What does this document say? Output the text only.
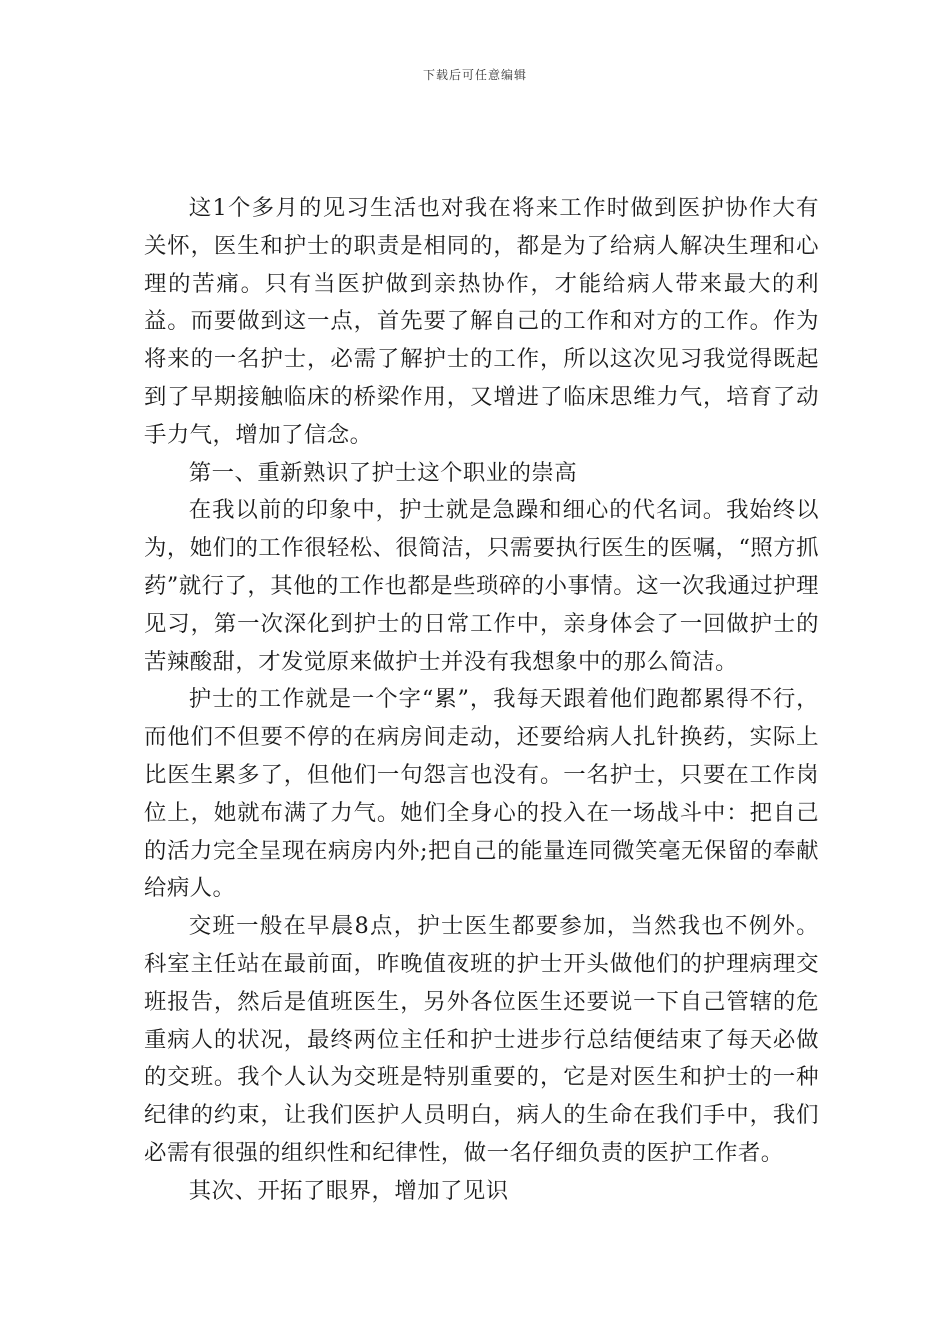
下载后可任意编辑

这1个多月的见习生活也对我在将来工作时做到医护协作大有关怀，医生和护士的职责是相同的，都是为了给病人解决生理和心理的苦痛。只有当医护做到亲热协作，才能给病人带来最大的利益。而要做到这一点，首先要了解自己的工作和对方的工作。作为将来的一名护士，必需了解护士的工作，所以这次见习我觉得既起到了早期接触临床的桥梁作用，又增进了临床思维力气，培育了动手力气，增加了信念。

第一、重新熟识了护士这个职业的崇高

在我以前的印象中，护士就是急躁和细心的代名词。我始终以为，她们的工作很轻松、很简洁，只需要执行医生的医嘱，“照方抓药”就行了，其他的工作也都是些琐碎的小事情。这一次我通过护理见习，第一次深化到护士的日常工作中，亲身体会了一回做护士的苦辣酸甜，才发觉原来做护士并没有我想象中的那么简洁。

护士的工作就是一个字“累”，我每天跟着他们跑都累得不行，而他们不但要不停的在病房间走动，还要给病人扎针换药，实际上比医生累多了，但他们一句怨言也没有。一名护士，只要在工作岗位上，她就布满了力气。她们全身心的投入在一场战斗中：把自己的活力完全呈现在病房内外;把自己的能量连同微笑毫无保留的奉献给病人。

交班一般在早晨8点，护士医生都要参加，当然我也不例外。科室主任站在最前面，昨晚值夜班的护士开头做他们的护理病理交班报告，然后是值班医生，另外各位医生还要说一下自己管辖的危重病人的状况，最终两位主任和护士进步行总结便结束了每天必做的交班。我个人认为交班是特别重要的，它是对医生和护士的一种纪律的约束，让我们医护人员明白，病人的生命在我们手中，我们必需有很强的组织性和纪律性，做一名仔细负责的医护工作者。

其次、开拓了眼界，增加了见识
